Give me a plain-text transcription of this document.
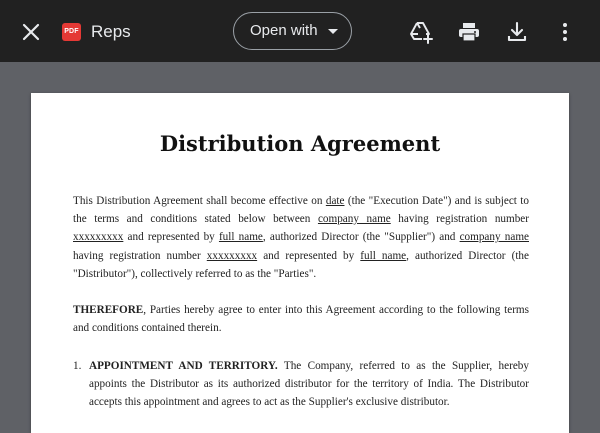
PDF Reps	Open with
Distribution Agreement
This Distribution Agreement shall become effective on date (the "Execution Date") and is subject to the terms and conditions stated below between company name having registration number xxxxxxxxx and represented by full name, authorized Director (the "Supplier") and company name having registration number xxxxxxxxx and represented by full name, authorized Director (the "Distributor"), collectively referred to as the "Parties".
THEREFORE, Parties hereby agree to enter into this Agreement according to the following terms and conditions contained therein.
1. APPOINTMENT AND TERRITORY. The Company, referred to as the Supplier, hereby appoints the Distributor as its authorized distributor for the territory of India. The Distributor accepts this appointment and agrees to act as the Supplier's exclusive distributor.
